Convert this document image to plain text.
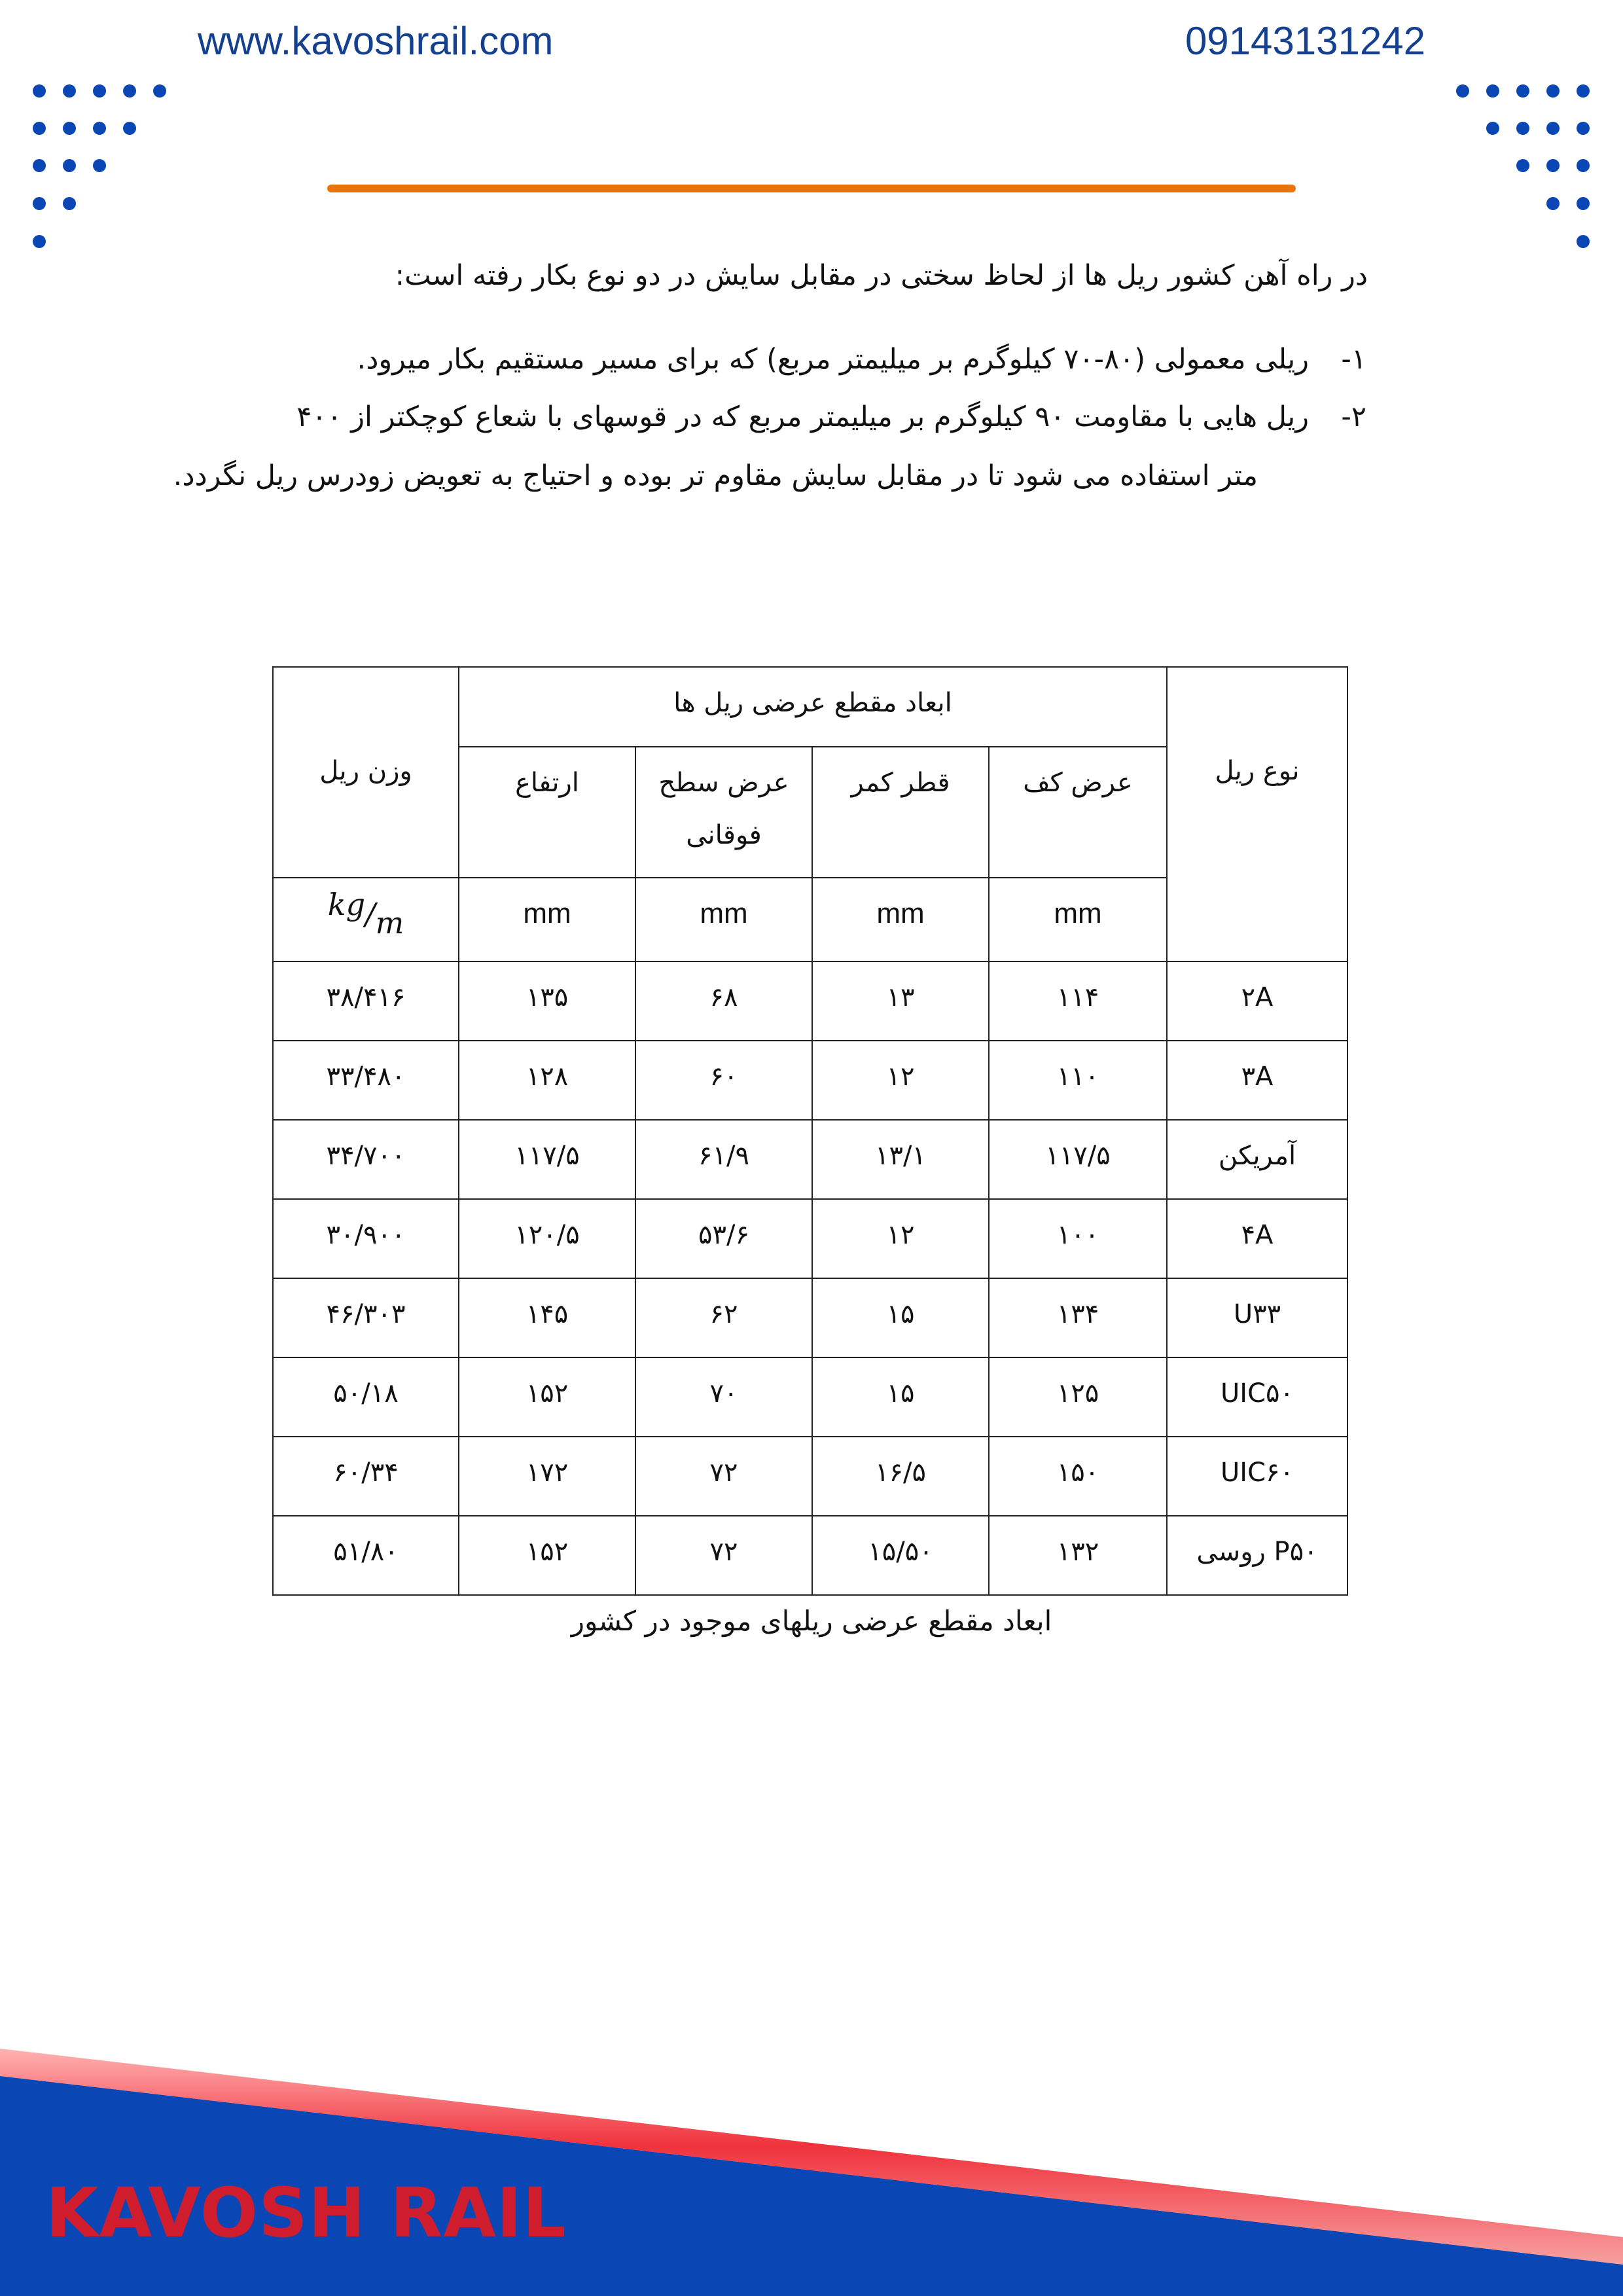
www.kavoshrail.com	09143131242
در راه آهن کشور ریل ها از لحاظ سختی در مقابل سایش در دو نوع بکار رفته است:
۱-
ریلی معمولی (۸۰-۷۰ کیلوگرم بر میلیمتر مربع) که برای مسیر مستقیم بکار میرود.
۲-
ریل هایی با مقاومت ۹۰ کیلوگرم بر میلیمتر مربع که در قوسهای با شعاع کوچکتر از ۴۰۰
متر استفاده می شود تا در مقابل سایش مقاوم تر بوده و احتیاج به تعویض زودرس ریل نگردد.
نوع ریل	ابعاد مقطع عرضی ریل ها				وزن ریل
	عرض کف	قطر کمر	عرض سطح
فوقانی	ارتفاع	
	mm	mm	mm	mm	kg/m
۲A	۱۱۴	۱۳	۶۸	۱۳۵	۳۸/۴۱۶
۳A	۱۱۰	۱۲	۶۰	۱۲۸	۳۳/۴۸۰
آمریکن	۱۱۷/۵	۱۳/۱	۶۱/۹	۱۱۷/۵	۳۴/۷۰۰
۴A	۱۰۰	۱۲	۵۳/۶	۱۲۰/۵	۳۰/۹۰۰
U۳۳	۱۳۴	۱۵	۶۲	۱۴۵	۴۶/۳۰۳
UIC۵۰	۱۲۵	۱۵	۷۰	۱۵۲	۵۰/۱۸
UIC۶۰	۱۵۰	۱۶/۵	۷۲	۱۷۲	۶۰/۳۴
P۵۰ روسی	۱۳۲	۱۵/۵۰	۷۲	۱۵۲	۵۱/۸۰
ابعاد مقطع عرضی ریلهای موجود در کشور
KAVOSH RAIL
